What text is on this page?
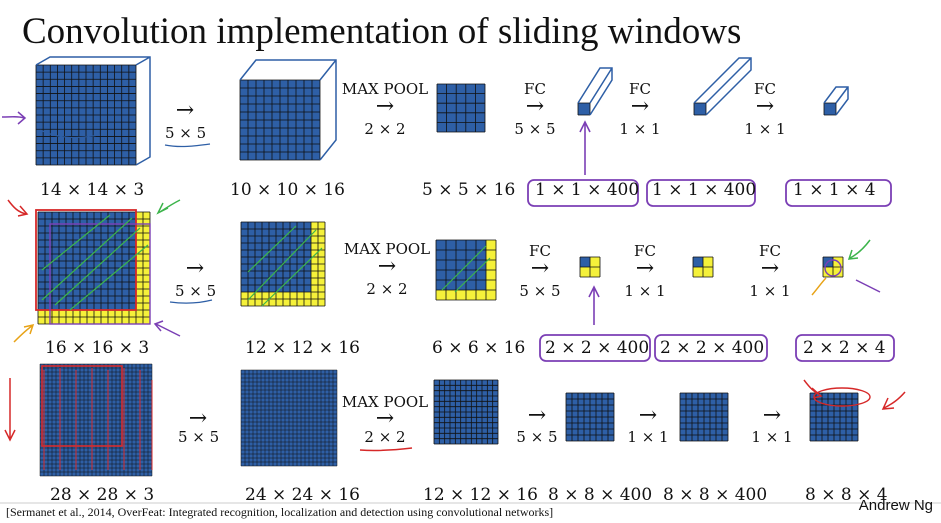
Convolution implementation of sliding windows
14 × 14 × 3
→
5 × 5
10 × 10 × 16
MAX POOL
→
2 × 2
5 × 5 × 16
FC
→
5 × 5
1 × 1 × 400
FC
→
1 × 1
1 × 1 × 400
FC
→
1 × 1
1 × 1 × 4
16 × 16 × 3
→
5 × 5
12 × 12 × 16
MAX POOL
→
2 × 2
6 × 6 × 16
FC
→
5 × 5
2 × 2 × 400
FC
→
1 × 1
2 × 2 × 400
FC
→
1 × 1
2 × 2 × 4
28 × 28 × 3
→
5 × 5
24 × 24 × 16
MAX POOL
→
2 × 2
12 × 12 × 16
→
5 × 5
8 × 8 × 400
→
1 × 1
8 × 8 × 400
→
1 × 1
8 × 8 × 4
[Sermanet et al., 2014, OverFeat: Integrated recognition, localization and detection using convolutional networks]	Andrew Ng
